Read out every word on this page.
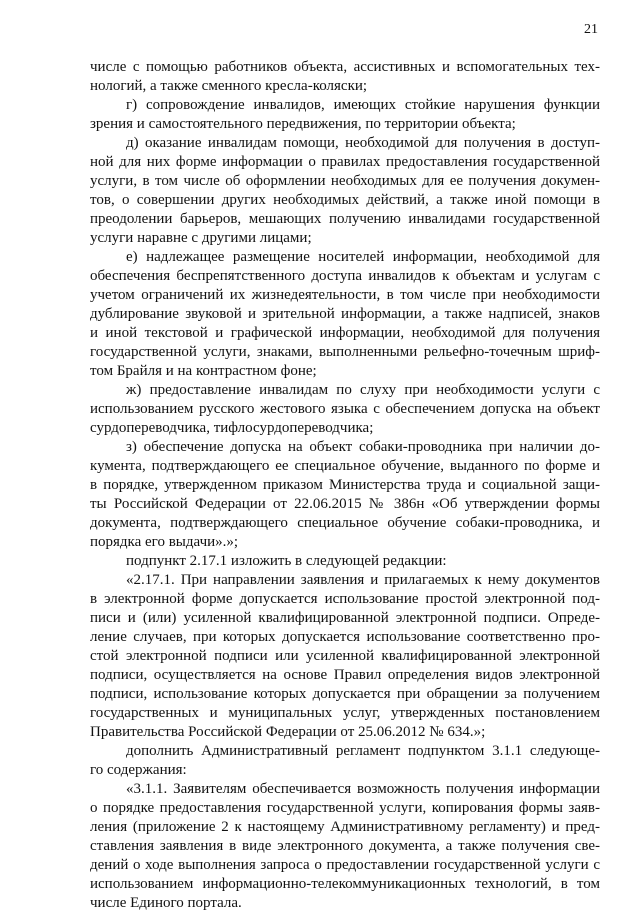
21
числе с помощью работников объекта, ассистивных и вспомогательных тех-
нологий, а также сменного кресла-коляски;
г) сопровождение инвалидов, имеющих стойкие нарушения функции
зрения и самостоятельного передвижения, по территории объекта;
д) оказание инвалидам помощи, необходимой для получения в доступ-
ной для них форме информации о правилах предоставления государственной
услуги, в том числе об оформлении необходимых для ее получения докумен-
тов, о совершении других необходимых действий, а также иной помощи в
преодолении барьеров, мешающих получению инвалидами государственной
услуги наравне с другими лицами;
е) надлежащее размещение носителей информации, необходимой для
обеспечения беспрепятственного доступа инвалидов к объектам и услугам с
учетом ограничений их жизнедеятельности, в том числе при необходимости
дублирование звуковой и зрительной информации, а также надписей, знаков
и иной текстовой и графической информации, необходимой для получения
государственной услуги, знаками, выполненными рельефно-точечным шриф-
том Брайля и на контрастном фоне;
ж) предоставление инвалидам по слуху при необходимости услуги с
использованием русского жестового языка с обеспечением допуска на объект
сурдопереводчика, тифлосурдопереводчика;
з) обеспечение допуска на объект собаки-проводника при наличии до-
кумента, подтверждающего ее специальное обучение, выданного по форме и
в порядке, утвержденном приказом Министерства труда и социальной защи-
ты Российской Федерации от 22.06.2015 № 386н «Об утверждении формы
документа, подтверждающего специальное обучение собаки-проводника, и
порядка его выдачи».»;
подпункт 2.17.1 изложить в следующей редакции:
«2.17.1. При направлении заявления и прилагаемых к нему документов
в электронной форме допускается использование простой электронной под-
писи и (или) усиленной квалифицированной электронной подписи. Опреде-
ление случаев, при которых допускается использование соответственно про-
стой электронной подписи или усиленной квалифицированной электронной
подписи, осуществляется на основе Правил определения видов электронной
подписи, использование которых допускается при обращении за получением
государственных и муниципальных услуг, утвержденных постановлением
Правительства Российской Федерации от 25.06.2012 № 634.»;
дополнить Административный регламент подпунктом 3.1.1 следующе-
го содержания:
«3.1.1. Заявителям обеспечивается возможность получения информации
о порядке предоставления государственной услуги, копирования формы заяв-
ления (приложение 2 к настоящему Административному регламенту) и пред-
ставления заявления в виде электронного документа, а также получения све-
дений о ходе выполнения запроса о предоставлении государственной услуги с
использованием информационно-телекоммуникационных технологий, в том
числе Единого портала.
